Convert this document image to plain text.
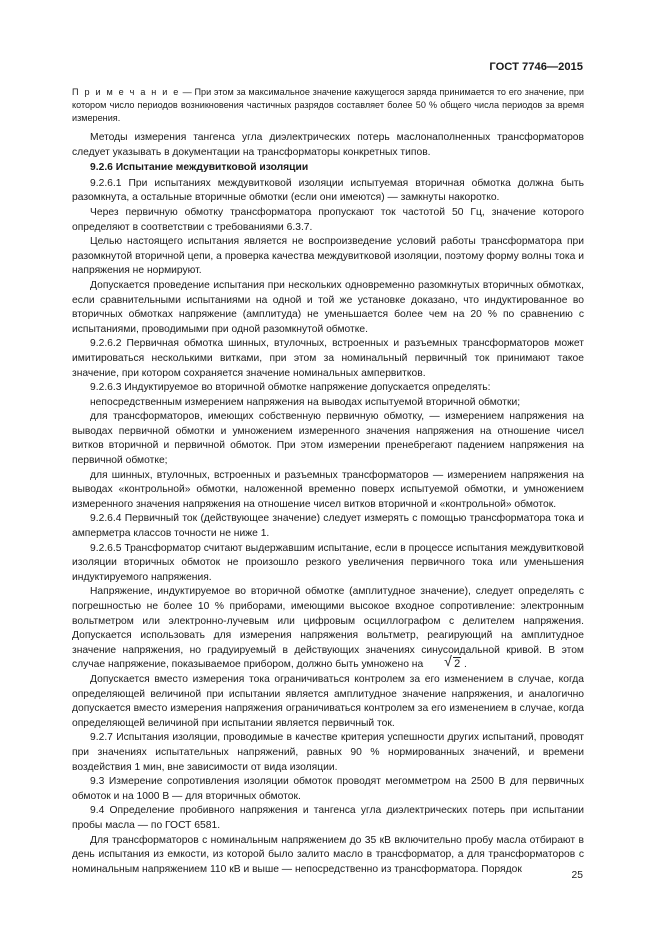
ГОСТ 7746—2015

П р и м е ч а н и е — При этом за максимальное значение кажущегося заряда принимается то его значение, при котором число периодов возникновения частичных разрядов составляет более 50 % общего числа периодов за время измерения.

Методы измерения тангенса угла диэлектрических потерь маслонаполненных трансформаторов следует указывать в документации на трансформаторы конкретных типов.

9.2.6 Испытание междувитковой изоляции

9.2.6.1 При испытаниях междувитковой изоляции испытуемая вторичная обмотка должна быть разомкнута, а остальные вторичные обмотки (если они имеются) — замкнуты накоротко.

Через первичную обмотку трансформатора пропускают ток частотой 50 Гц, значение которого определяют в соответствии с требованиями 6.3.7.

Целью настоящего испытания является не воспроизведение условий работы трансформатора при разомкнутой вторичной цепи, а проверка качества междувитковой изоляции, поэтому форму волны тока и напряжения не нормируют.

Допускается проведение испытания при нескольких одновременно разомкнутых вторичных обмотках, если сравнительными испытаниями на одной и той же установке доказано, что индуктированное во вторичных обмотках напряжение (амплитуда) не уменьшается более чем на 20 % по сравнению с испытаниями, проводимыми при одной разомкнутой обмотке.

9.2.6.2 Первичная обмотка шинных, втулочных, встроенных и разъемных трансформаторов может имитироваться несколькими витками, при этом за номинальный первичный ток принимают такое значение, при котором сохраняется значение номинальных ампервитков.

9.2.6.3 Индуктируемое во вторичной обмотке напряжение допускается определять:

непосредственным измерением напряжения на выводах испытуемой вторичной обмотки;

для трансформаторов, имеющих собственную первичную обмотку, — измерением напряжения на выводах первичной обмотки и умножением измеренного значения напряжения на отношение чисел витков вторичной и первичной обмоток. При этом измерении пренебрегают падением напряжения на первичной обмотке;

для шинных, втулочных, встроенных и разъемных трансформаторов — измерением напряжения на выводах «контрольной» обмотки, наложенной временно поверх испытуемой обмотки, и умножением измеренного значения напряжения на отношение чисел витков вторичной и «контрольной» обмоток.

9.2.6.4 Первичный ток (действующее значение) следует измерять с помощью трансформатора тока и амперметра классов точности не ниже 1.

9.2.6.5 Трансформатор считают выдержавшим испытание, если в процессе испытания междувитковой изоляции вторичных обмоток не произошло резкого увеличения первичного тока или уменьшения индуктируемого напряжения.

Напряжение, индуктируемое во вторичной обмотке (амплитудное значение), следует определять с погрешностью не более 10 % приборами, имеющими высокое входное сопротивление: электронным вольтметром или электронно-лучевым или цифровым осциллографом с делителем напряжения. Допускается использовать для измерения напряжения вольтметр, реагирующий на амплитудное значение напряжения, но градуируемый в действующих значениях синусоидальной кривой. В этом случае напряжение, показываемое прибором, должно быть умножено на	√ 2 .

Допускается вместо измерения тока ограничиваться контролем за его изменением в случае, когда определяющей величиной при испытании является амплитудное значение напряжения, и аналогично допускается вместо измерения напряжения ограничиваться контролем за его изменением в случае, когда определяющей величиной при испытании является первичный ток.

9.2.7 Испытания изоляции, проводимые в качестве критерия успешности других испытаний, проводят при значениях испытательных напряжений, равных 90 % нормированных значений, и времени воздействия 1 мин, вне зависимости от вида изоляции.

9.3 Измерение сопротивления изоляции обмоток проводят мегомметром на 2500 В для первичных обмоток и на 1000 В — для вторичных обмоток.

9.4 Определение пробивного напряжения и тангенса угла диэлектрических потерь при испытании пробы масла — по ГОСТ 6581.

Для трансформаторов с номинальным напряжением до 35 кВ включительно пробу масла отбирают в день испытания из емкости, из которой было залито масло в трансформатор, а для трансформаторов с номинальным напряжением 110 кВ и выше — непосредственно из трансформатора. Порядок

25
